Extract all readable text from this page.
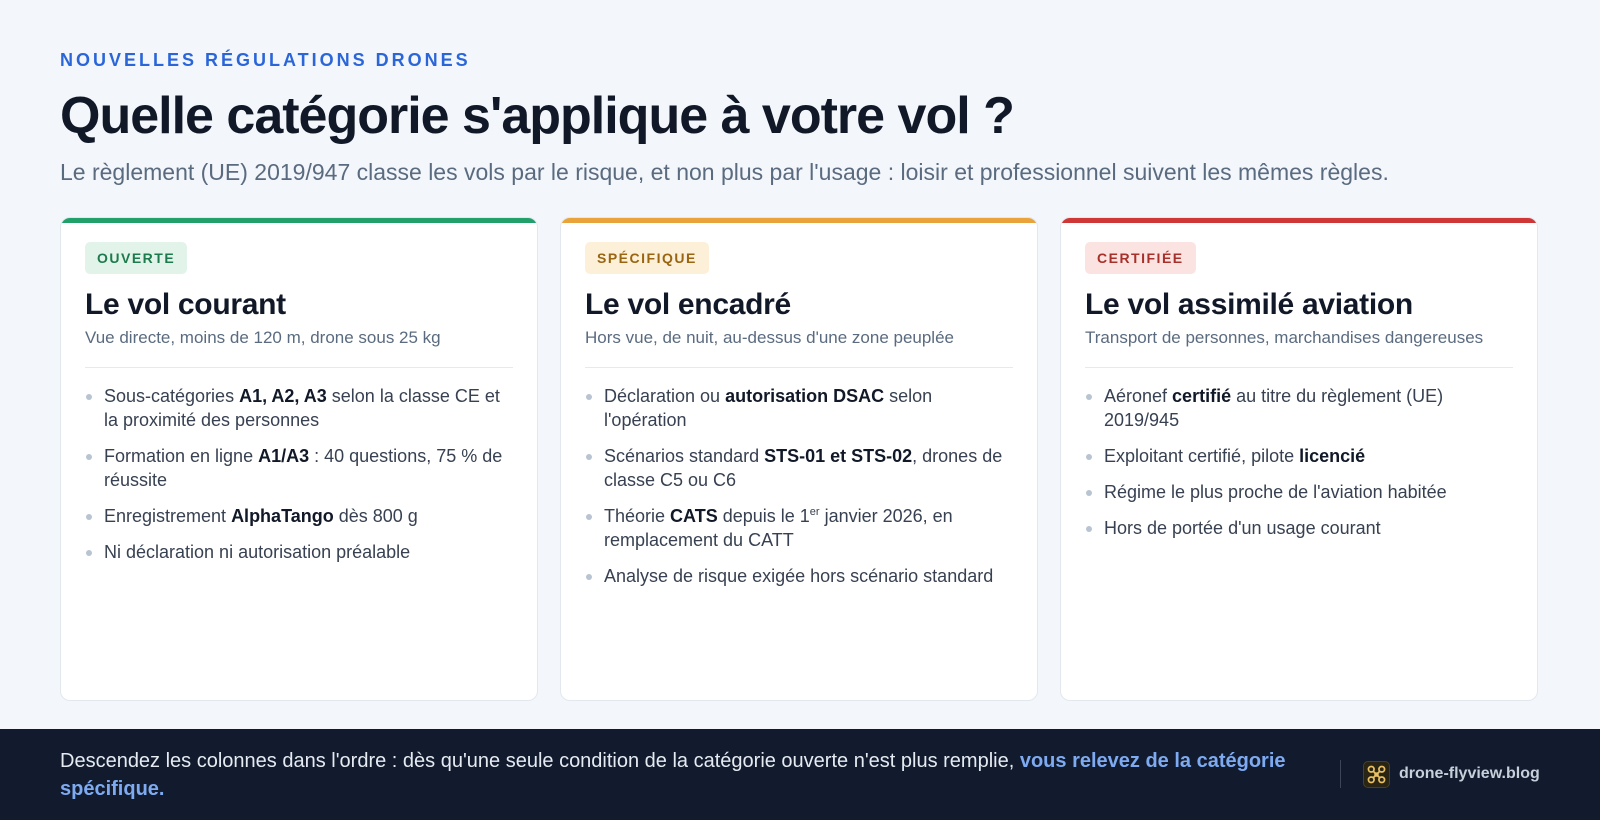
NOUVELLES RÉGULATIONS DRONES
Quelle catégorie s'applique à votre vol ?

Le règlement (UE) 2019/947 classe les vols par le risque, et non plus par l'usage : loisir et professionnel suivent les mêmes règles.

OUVERTE
Le vol courant
Vue directe, moins de 120 m, drone sous 25 kg
Sous-catégories A1, A2, A3 selon la classe CE et la proximité des personnes
Formation en ligne A1/A3 : 40 questions, 75 % de réussite
Enregistrement AlphaTango dès 800 g
Ni déclaration ni autorisation préalable
SPÉCIFIQUE
Le vol encadré
Hors vue, de nuit, au-dessus d'une zone peuplée
Déclaration ou autorisation DSAC selon l'opération
Scénarios standard STS-01 et STS-02, drones de classe C5 ou C6
Théorie CATS depuis le 1er janvier 2026, en remplacement du CATT
Analyse de risque exigée hors scénario standard
CERTIFIÉE
Le vol assimilé aviation
Transport de personnes, marchandises dangereuses
Aéronef certifié au titre du règlement (UE) 2019/945
Exploitant certifié, pilote licencié
Régime le plus proche de l'aviation habitée
Hors de portée d'un usage courant

Descendez les colonnes dans l'ordre : dès qu'une seule condition de la catégorie ouverte n'est plus remplie, vous relevez de la catégorie spécifique.

drone-flyview.blog
